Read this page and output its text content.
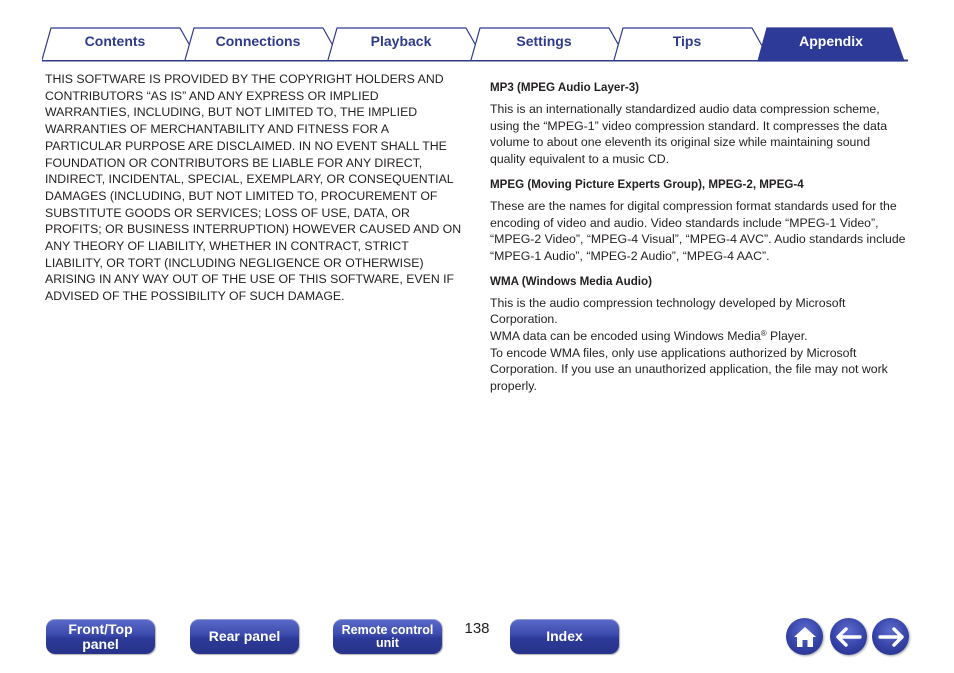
Contents	Connections	Playback	Settings	Tips	Appendix

THIS SOFTWARE IS PROVIDED BY THE COPYRIGHT HOLDERS AND CONTRIBUTORS “AS IS” AND ANY EXPRESS OR IMPLIED WARRANTIES, INCLUDING, BUT NOT LIMITED TO, THE IMPLIED WARRANTIES OF MERCHANTABILITY AND FITNESS FOR A PARTICULAR PURPOSE ARE DISCLAIMED. IN NO EVENT SHALL THE FOUNDATION OR CONTRIBUTORS BE LIABLE FOR ANY DIRECT, INDIRECT, INCIDENTAL, SPECIAL, EXEMPLARY, OR CONSEQUENTIAL DAMAGES (INCLUDING, BUT NOT LIMITED TO, PROCUREMENT OF SUBSTITUTE GOODS OR SERVICES; LOSS OF USE, DATA, OR PROFITS; OR BUSINESS INTERRUPTION) HOWEVER CAUSED AND ON ANY THEORY OF LIABILITY, WHETHER IN CONTRACT, STRICT LIABILITY, OR TORT (INCLUDING NEGLIGENCE OR OTHERWISE) ARISING IN ANY WAY OUT OF THE USE OF THIS SOFTWARE, EVEN IF ADVISED OF THE POSSIBILITY OF SUCH DAMAGE.

MP3 (MPEG Audio Layer-3)

This is an internationally standardized audio data compression scheme, using the “MPEG-1” video compression standard. It compresses the data volume to about one eleventh its original size while maintaining sound quality equivalent to a music CD.

MPEG (Moving Picture Experts Group), MPEG-2, MPEG-4

These are the names for digital compression format standards used for the encoding of video and audio. Video standards include “MPEG-1 Video”, “MPEG-2 Video”, “MPEG-4 Visual”, “MPEG-4 AVC”. Audio standards include “MPEG-1 Audio”, “MPEG-2 Audio”, “MPEG-4 AAC”.

WMA (Windows Media Audio)

This is the audio compression technology developed by Microsoft Corporation.

WMA data can be encoded using Windows Media® Player.

To encode WMA files, only use applications authorized by Microsoft Corporation. If you use an unauthorized application, the file may not work properly.

Front/Top
panel	Rear panel	Remote control
unit
138	Index
